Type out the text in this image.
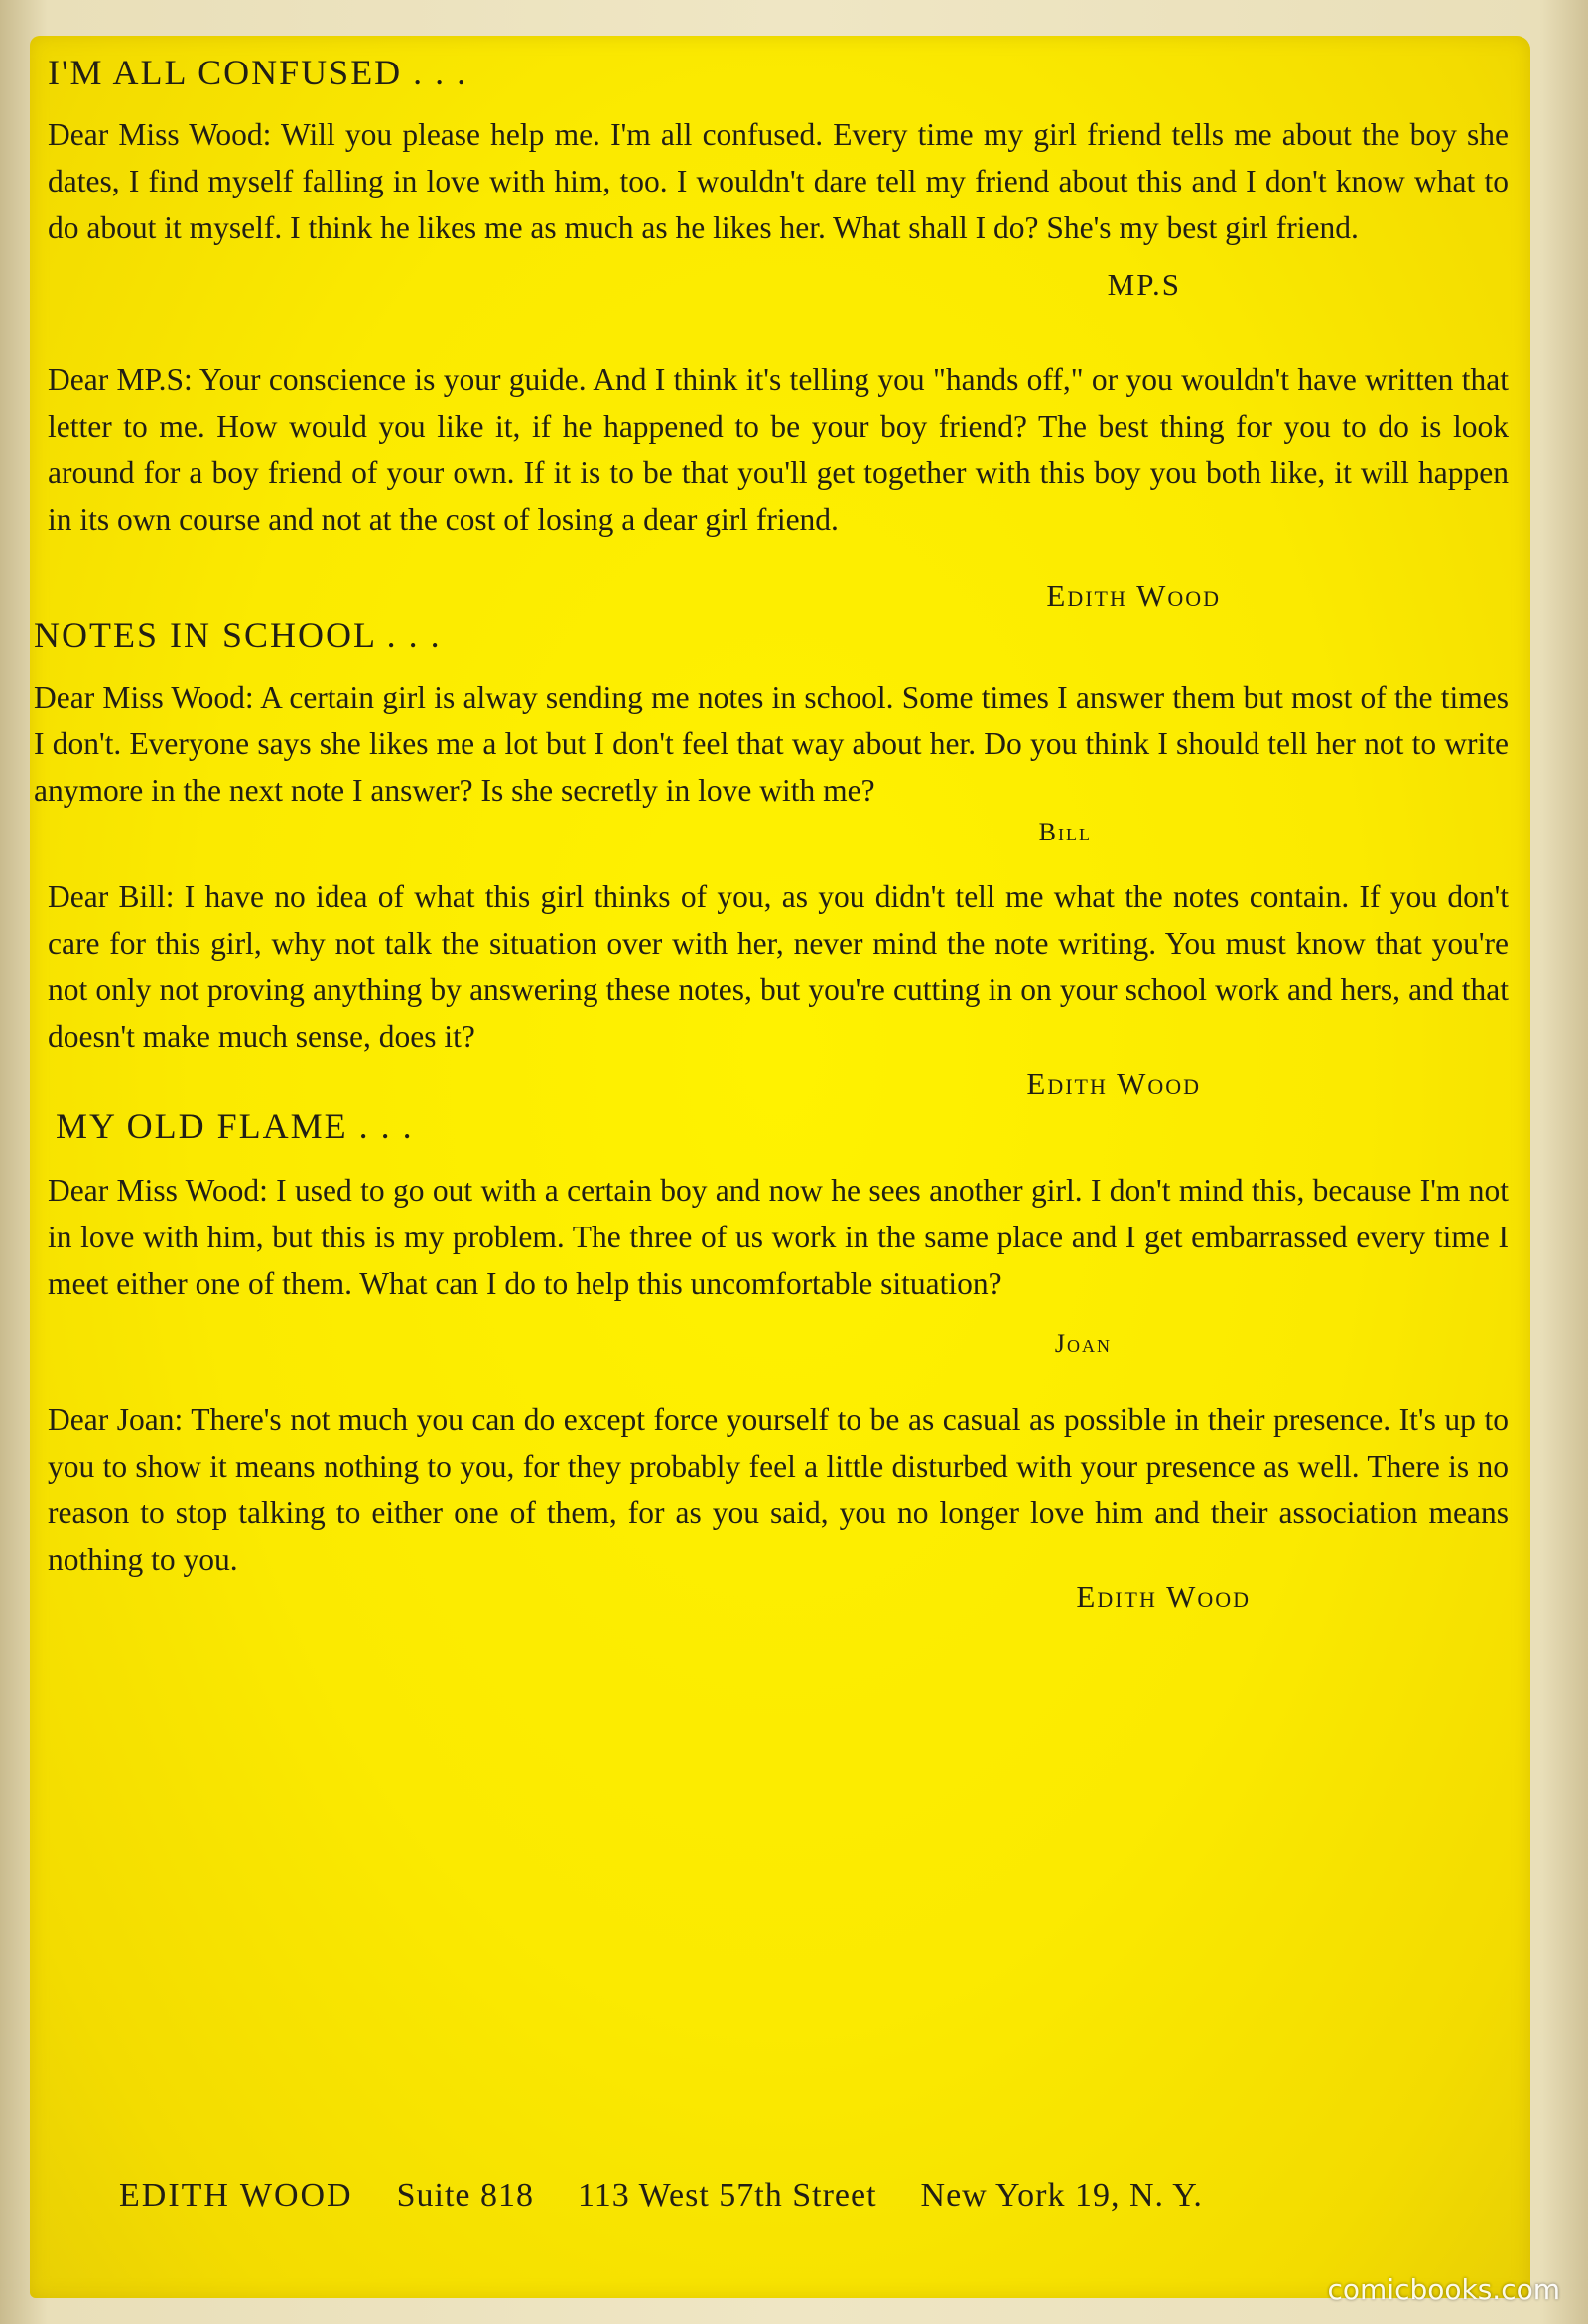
I'M ALL CONFUSED . . .

Dear Miss Wood: Will you please help me. I'm all confused. Every time my girl friend tells me about the boy she dates, I find myself falling in love with him, too. I wouldn't dare tell my friend about this and I don't know what to do about it myself. I think he likes me as much as he likes her. What shall I do? She's my best girl friend.

MP.S

Dear MP.S: Your conscience is your guide. And I think it's telling you "hands off," or you wouldn't have written that letter to me. How would you like it, if he happened to be your boy friend? The best thing for you to do is look around for a boy friend of your own. If it is to be that you'll get together with this boy you both like, it will happen in its own course and not at the cost of losing a dear girl friend.

Edith Wood
NOTES IN SCHOOL . . .

Dear Miss Wood: A certain girl is alway sending me notes in school. Some times I answer them but most of the times I don't. Everyone says she likes me a lot but I don't feel that way about her. Do you think I should tell her not to write anymore in the next note I answer? Is she secretly in love with me?

Bill

Dear Bill: I have no idea of what this girl thinks of you, as you didn't tell me what the notes contain. If you don't care for this girl, why not talk the situation over with her, never mind the note writing. You must know that you're not only not proving anything by answering these notes, but you're cutting in on your school work and hers, and that doesn't make much sense, does it?

Edith Wood
MY OLD FLAME . . .

Dear Miss Wood: I used to go out with a certain boy and now he sees another girl. I don't mind this, because I'm not in love with him, but this is my problem. The three of us work in the same place and I get embarrassed every time I meet either one of them. What can I do to help this uncomfortable situation?

Joan

Dear Joan: There's not much you can do except force yourself to be as casual as possible in their presence. It's up to you to show it means nothing to you, for they probably feel a little disturbed with your presence as well. There is no reason to stop talking to either one of them, for as you said, you no longer love him and their association means nothing to you.

Edith Wood
EDITH WOOD Suite 818 113 West 57th Street New York 19, N. Y.
comicbooks.com
